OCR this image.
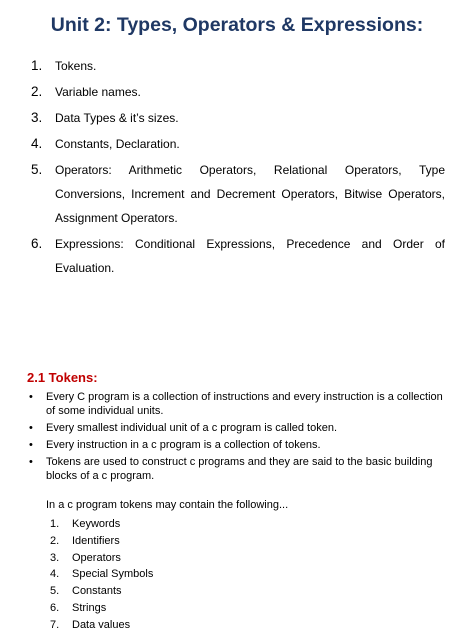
Unit 2: Types, Operators & Expressions:
1. Tokens.
2. Variable names.
3. Data Types & it’s sizes.
4. Constants, Declaration.
5. Operators: Arithmetic Operators, Relational Operators, Type
Conversions, Increment and Decrement Operators, Bitwise Operators,
Assignment Operators.
6. Expressions: Conditional Expressions, Precedence and Order of
Evaluation.
2.1 Tokens:
• Every C program is a collection of instructions and every instruction is a collection of some individual units.
• Every smallest individual unit of a c program is called token.
• Every instruction in a c program is a collection of tokens.
• Tokens are used to construct c programs and they are said to the basic building blocks of a c program.
In a c program tokens may contain the following...
1. Keywords
2. Identifiers
3. Operators
4. Special Symbols
5. Constants
6. Strings
7. Data values
